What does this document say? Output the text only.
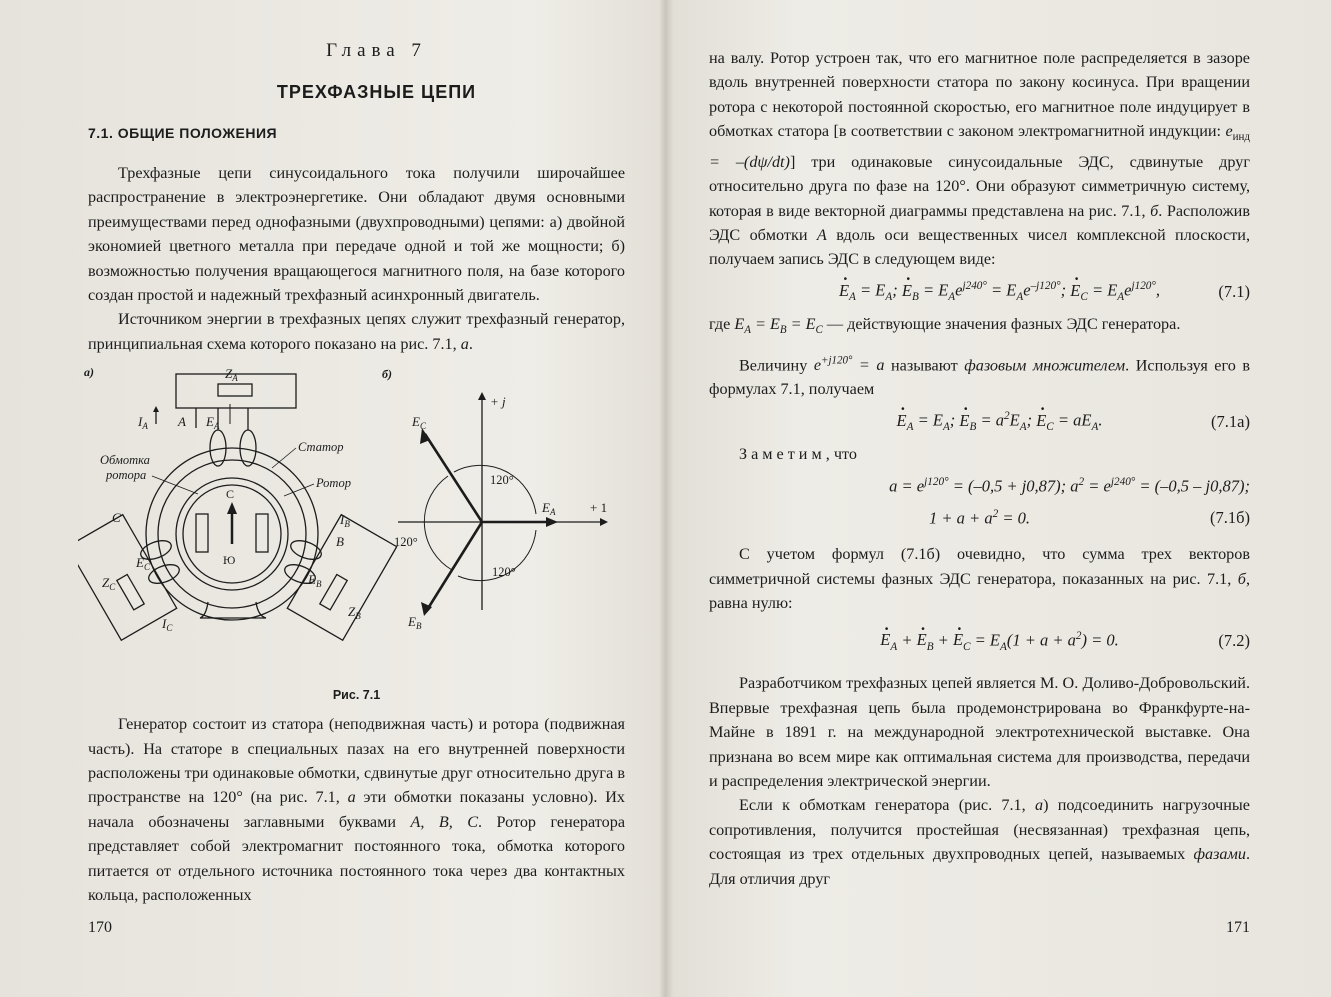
Глава 7
ТРЕХФАЗНЫЕ ЦЕПИ
7.1. ОБЩИЕ ПОЛОЖЕНИЯ

Трехфазные цепи синусоидального тока получили широчайшее распространение в электроэнергетике. Они обладают двумя основными преимуществами перед однофазными (двухпроводными) цепями: а) двойной экономией цветного металла при передаче одной и той же мощности; б) возможностью получения вращающегося магнитного поля, на базе которого создан простой и надежный трехфазный асинхронный двигатель.

Источником энергии в трехфазных цепях служит трехфазный генератор, принципиальная схема которого показано на рис. 7.1, а.

а)	б)
С
Ю
$Z_A$
$I_A$ A $E_A$
Обмотка
ротора
Статор
Ротор
C
$E_C$
$Z_C$
$I_C$
$I_B$
B
$E_B$
$Z_B$
+ j
+ 1
$E_C$
$E_A$
$E_B$
120°
120°
120°
Рис. 7.1

Генератор состоит из статора (неподвижная часть) и ротора (подвижная часть). На статоре в специальных пазах на его внутренней поверхности расположены три одинаковые обмотки, сдвинутые друг относительно друга в пространстве на 120° (на рис. 7.1, а эти обмотки показаны условно). Их начала обозначены заглавными буквами А, В, С. Ротор генератора представляет собой электромагнит постоянного тока, обмотка которого питается от отдельного источника постоянного тока через два контактных кольца, расположенных

170

на валу. Ротор устроен так, что его магнитное поле распределяется в зазоре вдоль внутренней поверхности статора по закону косинуса. При вращении ротора с некоторой постоянной скоростью, его магнитное поле индуцирует в обмотках статора [в соответствии с законом электромагнитной индукции: $e_{инд} = -(d\psi/dt)$] три одинаковые синусоидальные ЭДС, сдвинутые друг относительно друга по фазе на 120°. Они образуют симметричную систему, которая в виде векторной диаграммы представлена на рис. 7.1, б. Расположив ЭДС обмотки А вдоль оси вещественных чисел комплексной плоскости, получаем запись ЭДС в следующем виде:

· $E_A = E_A$; · $E_B = E_Ae^{j240^\circ} = E_Ae^{-j120^\circ}$; · $E_C = E_Ae^{j120^\circ}$,	(7.1)

где $E_A = E_B = E_C$ — действующие значения фазных ЭДС генератора.

Величину $e^{+j120^\circ} = a$ называют фазовым множителем. Используя его в формулах 7.1, получаем

· $E_A = E_A$; · $E_B = a^2E_A$; · $E_C = aE_A$.	(7.1а)

Заметим, что

$a = e^{j120^\circ} = (-0,5 + j0,87)$; $a^2 = e^{j240^\circ} = (-0,5 - j0,87)$;
$1 + a + a^2 = 0$.	(7.1б)

С учетом формул (7.1б) очевидно, что сумма трех векторов симметричной системы фазных ЭДС генератора, показанных на рис. 7.1, б, равна нулю:

· $E_A$ + · $E_B$ + · $E_C = E_A(1 + a + a^2) = 0$.	(7.2)

Разработчиком трехфазных цепей является М. О. Доливо-Добровольский. Впервые трехфазная цепь была продемонстрирована во Франкфурте-на-Майне в 1891 г. на международной электротехнической выставке. Она признана во всем мире как оптимальная система для производства, передачи и распределения электрической энергии.

Если к обмоткам генератора (рис. 7.1, а) подсоединить нагрузочные сопротивления, получится простейшая (несвязанная) трехфазная цепь, состоящая из трех отдельных двухпроводных цепей, называемых фазами. Для отличия друг

171
